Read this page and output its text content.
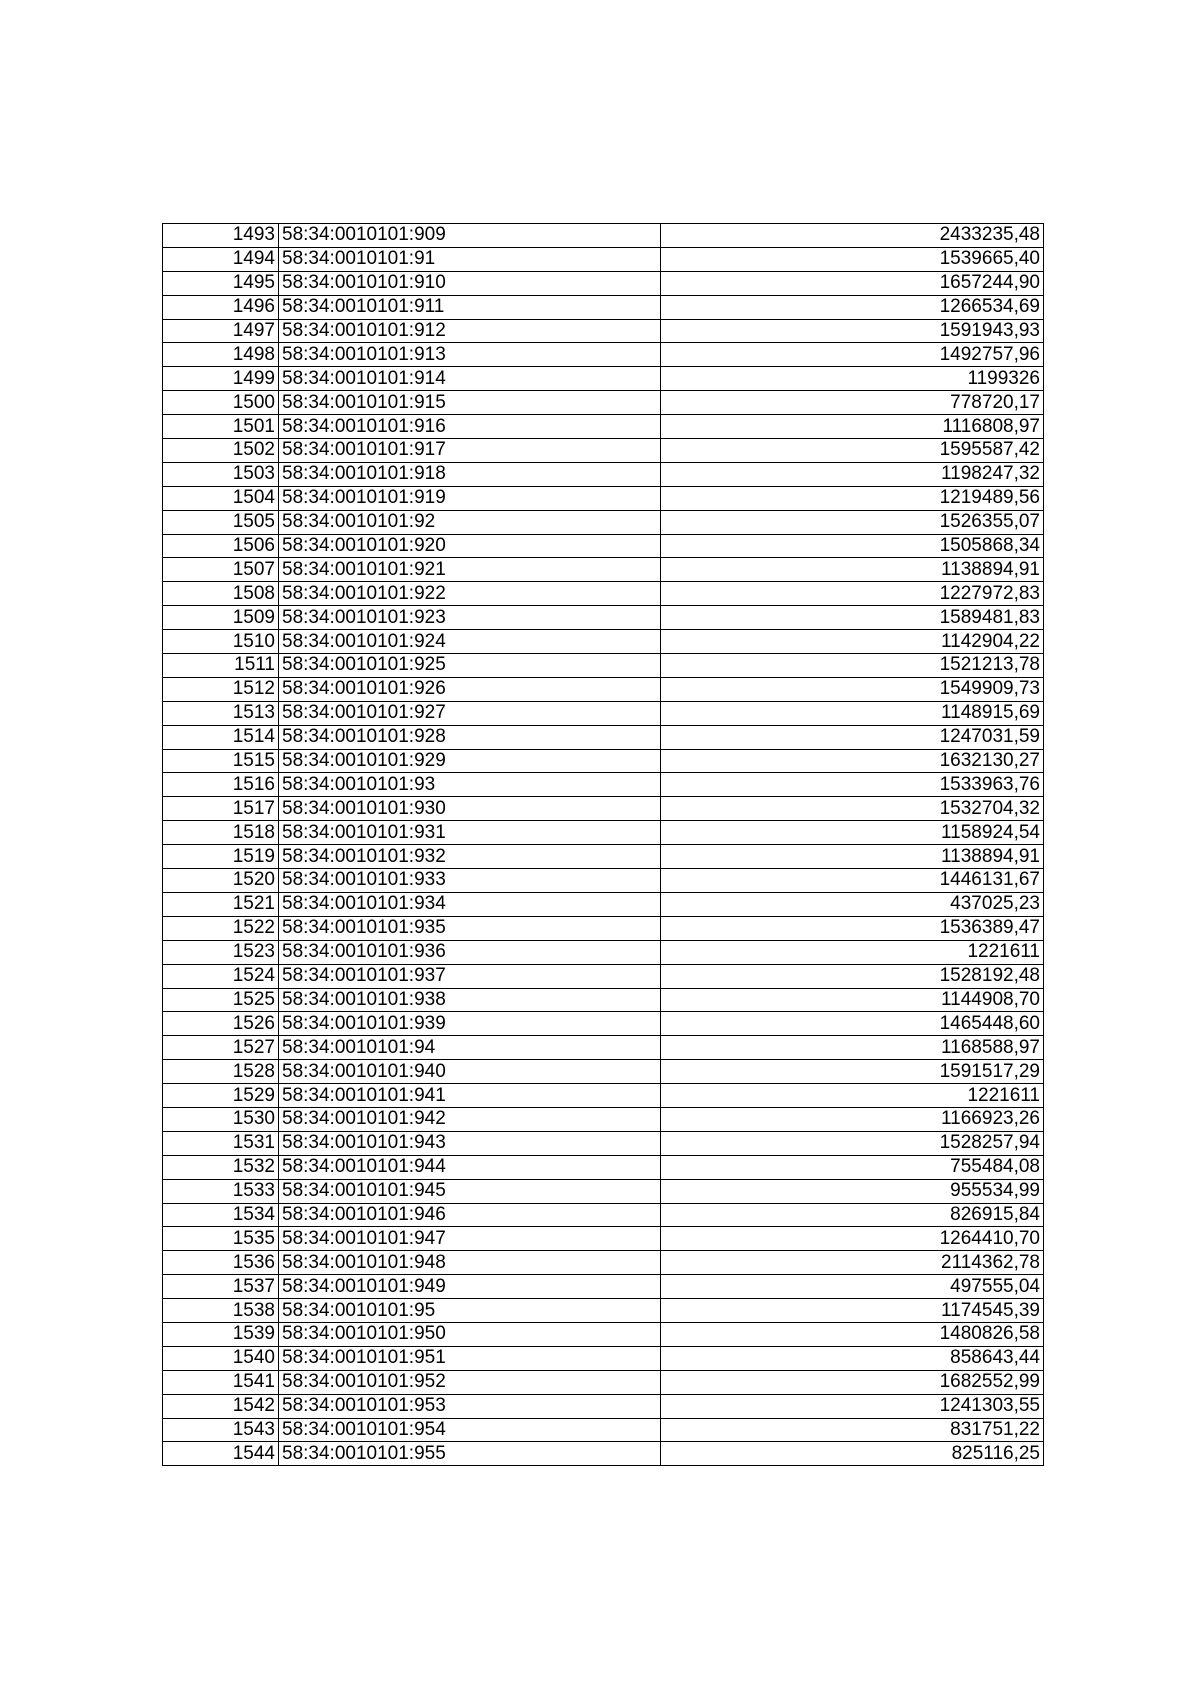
1493	58:34:0010101:909	2433235,48
1494	58:34:0010101:91	1539665,40
1495	58:34:0010101:910	1657244,90
1496	58:34:0010101:911	1266534,69
1497	58:34:0010101:912	1591943,93
1498	58:34:0010101:913	1492757,96
1499	58:34:0010101:914	1199326
1500	58:34:0010101:915	778720,17
1501	58:34:0010101:916	1116808,97
1502	58:34:0010101:917	1595587,42
1503	58:34:0010101:918	1198247,32
1504	58:34:0010101:919	1219489,56
1505	58:34:0010101:92	1526355,07
1506	58:34:0010101:920	1505868,34
1507	58:34:0010101:921	1138894,91
1508	58:34:0010101:922	1227972,83
1509	58:34:0010101:923	1589481,83
1510	58:34:0010101:924	1142904,22
1511	58:34:0010101:925	1521213,78
1512	58:34:0010101:926	1549909,73
1513	58:34:0010101:927	1148915,69
1514	58:34:0010101:928	1247031,59
1515	58:34:0010101:929	1632130,27
1516	58:34:0010101:93	1533963,76
1517	58:34:0010101:930	1532704,32
1518	58:34:0010101:931	1158924,54
1519	58:34:0010101:932	1138894,91
1520	58:34:0010101:933	1446131,67
1521	58:34:0010101:934	437025,23
1522	58:34:0010101:935	1536389,47
1523	58:34:0010101:936	1221611
1524	58:34:0010101:937	1528192,48
1525	58:34:0010101:938	1144908,70
1526	58:34:0010101:939	1465448,60
1527	58:34:0010101:94	1168588,97
1528	58:34:0010101:940	1591517,29
1529	58:34:0010101:941	1221611
1530	58:34:0010101:942	1166923,26
1531	58:34:0010101:943	1528257,94
1532	58:34:0010101:944	755484,08
1533	58:34:0010101:945	955534,99
1534	58:34:0010101:946	826915,84
1535	58:34:0010101:947	1264410,70
1536	58:34:0010101:948	2114362,78
1537	58:34:0010101:949	497555,04
1538	58:34:0010101:95	1174545,39
1539	58:34:0010101:950	1480826,58
1540	58:34:0010101:951	858643,44
1541	58:34:0010101:952	1682552,99
1542	58:34:0010101:953	1241303,55
1543	58:34:0010101:954	831751,22
1544	58:34:0010101:955	825116,25
